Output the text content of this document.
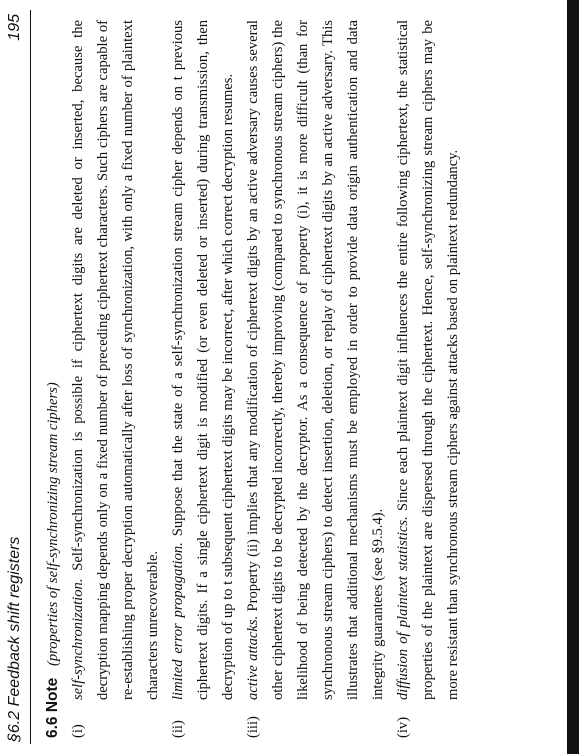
§6.2 Feedback shift registers
195
6.6 Note (properties of self-synchronizing stream ciphers)
(i)
self-synchronization. Self-synchronization is possible if ciphertext digits are deleted or inserted, because the decryption mapping depends only on a fixed number of preceding ciphertext characters. Such ciphers are capable of re-establishing proper decryption automatically after loss of synchronization, with only a fixed number of plaintext characters unrecoverable.
(ii)
limited error propagation. Suppose that the state of a self-synchronization stream cipher depends on t previous ciphertext digits. If a single ciphertext digit is modified (or even deleted or inserted) during transmission, then decryption of up to t subsequent ciphertext digits may be incorrect, after which correct decryption resumes.
(iii)
active attacks. Property (ii) implies that any modification of ciphertext digits by an active adversary causes several other ciphertext digits to be decrypted incorrectly, thereby improving (compared to synchronous stream ciphers) the likelihood of being detected by the decryptor. As a consequence of property (i), it is more difficult (than for synchronous stream ciphers) to detect insertion, deletion, or replay of ciphertext digits by an active adversary. This illustrates that additional mechanisms must be employed in order to provide data origin authentication and data integrity guarantees (see §9.5.4).
(iv)
diffusion of plaintext statistics. Since each plaintext digit influences the entire following ciphertext, the statistical properties of the plaintext are dispersed through the ciphertext. Hence, self-synchronizing stream ciphers may be more resistant than synchronous stream ciphers against attacks based on plaintext redundancy.
